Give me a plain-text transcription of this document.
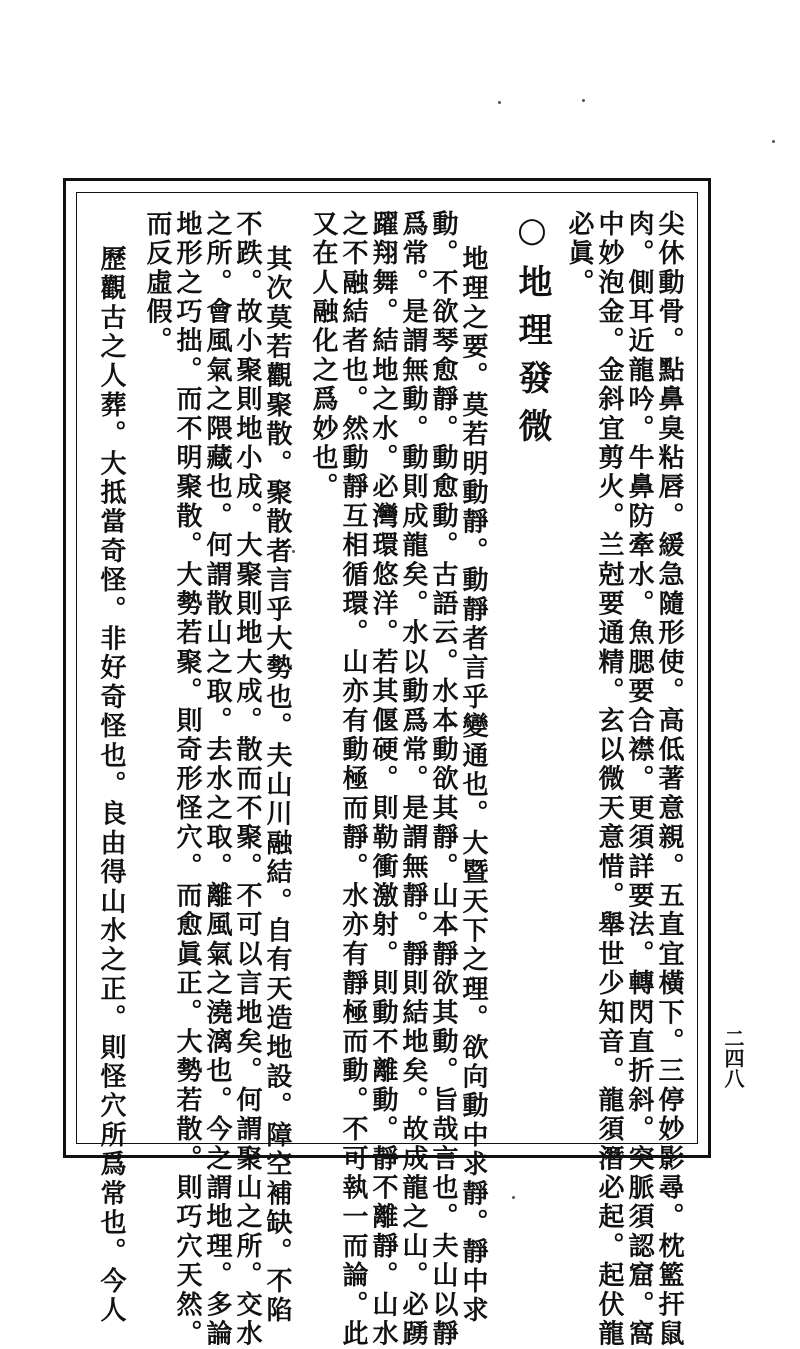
二四八
尖休動骨。點鼻臭粘唇。緩急隨形使。高低著意親。五直宜橫下。三停妙影尋。枕籃扞鼠
肉。側耳近龍吟。牛鼻防牽水。魚腮要合襟。更須詳要法。轉閃直折斜。突脈須認窟。窩
中妙泡金。金斜宜剪火。兰尅要通精。玄以微天意惜。舉世少知音。龍須潛必起。起伏龍
必眞。
○地理發微
地理之要。莫若明動靜。動靜者言乎變通也。大暨天下之理。欲向動中求靜。靜中求
動。不欲琴愈靜。動愈動。古語云。水本動欲其靜。山本靜欲其動。旨哉言也。夫山以靜
爲常。是謂無動。動則成龍矣。水以動爲常。是謂無靜。靜則結地矣。故成龍之山。必踴
躍翔舞。結地之水。必灣環悠洋。若其偃硬。則勒衝激射。則動不離動。靜不離靜。山水
之不融結者也。然動靜互相循環。山亦有動極而靜。水亦有靜極而動。不可執一而論。此
又在人融化之爲妙也。
其次莫若觀聚散。聚散者言乎大勢也。夫山川融結。自有天造地設。障空補缺。不陷
不跌。故小聚則地小成。大聚則地大成。散而不聚。不可以言地矣。何謂聚山之所。交水
之所。會風氣之隈藏也。何謂散山之取。去水之取。離風氣之澆漓也。今之謂地理。多論
地形之巧拙。而不明聚散。大勢若聚。則奇形怪穴。而愈眞正。大勢若散。則巧穴天然。
而反虛假。
歷觀古之人葬。大抵當奇怪。非好奇怪也。良由得山水之正。則怪穴所爲常也。今人
